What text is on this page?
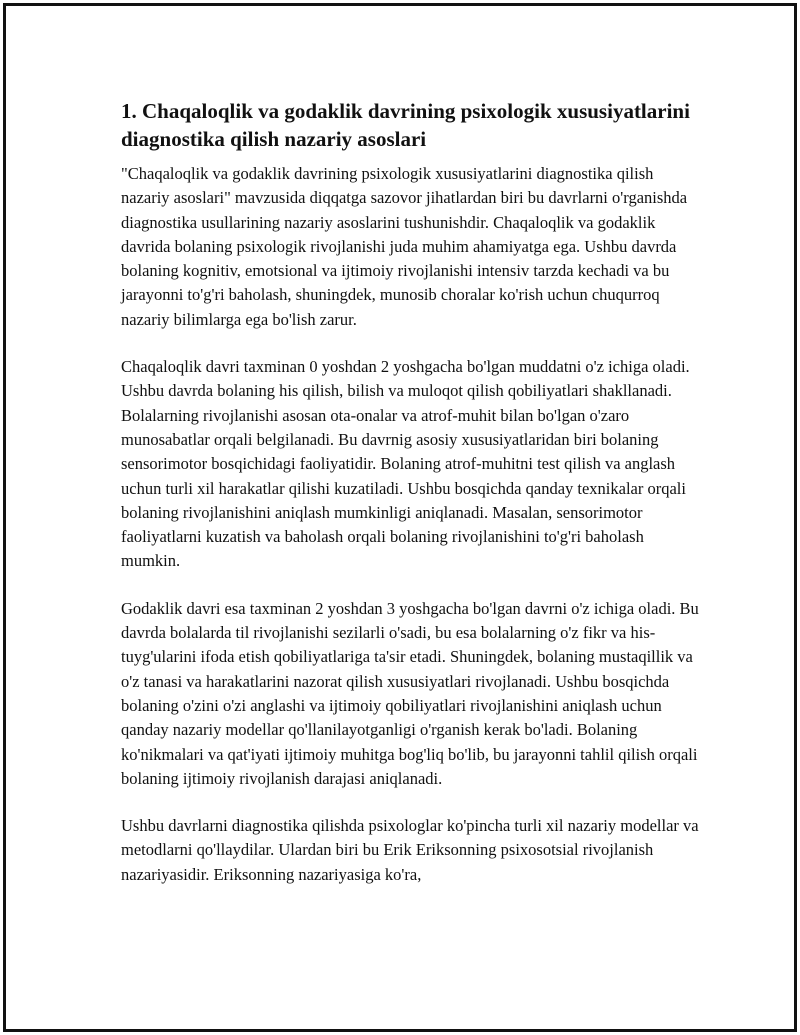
1. Chaqaloqlik va godaklik davrining psixologik xususiyatlarini diagnostika qilish nazariy asoslari

"Chaqaloqlik va godaklik davrining psixologik xususiyatlarini diagnostika qilish nazariy asoslari" mavzusida diqqatga sazovor jihatlardan biri bu davrlarni o'rganishda diagnostika usullarining nazariy asoslarini tushunishdir. Chaqaloqlik va godaklik davrida bolaning psixologik rivojlanishi juda muhim ahamiyatga ega. Ushbu davrda bolaning kognitiv, emotsional va ijtimoiy rivojlanishi intensiv tarzda kechadi va bu jarayonni to'g'ri baholash, shuningdek, munosib choralar ko'rish uchun chuqurroq nazariy bilimlarga ega bo'lish zarur.

Chaqaloqlik davri taxminan 0 yoshdan 2 yoshgacha bo'lgan muddatni o'z ichiga oladi. Ushbu davrda bolaning his qilish, bilish va muloqot qilish qobiliyatlari shakllanadi. Bolalarning rivojlanishi asosan ota-onalar va atrof-muhit bilan bo'lgan o'zaro munosabatlar orqali belgilanadi. Bu davrnig asosiy xususiyatlaridan biri bolaning sensorimotor bosqichidagi faoliyatidir. Bolaning atrof-muhitni test qilish va anglash uchun turli xil harakatlar qilishi kuzatiladi. Ushbu bosqichda qanday texnikalar orqali bolaning rivojlanishini aniqlash mumkinligi aniqlanadi. Masalan, sensorimotor faoliyatlarni kuzatish va baholash orqali bolaning rivojlanishini to'g'ri baholash mumkin.

Godaklik davri esa taxminan 2 yoshdan 3 yoshgacha bo'lgan davrni o'z ichiga oladi. Bu davrda bolalarda til rivojlanishi sezilarli o'sadi, bu esa bolalarning o'z fikr va his-tuyg'ularini ifoda etish qobiliyatlariga ta'sir etadi. Shuningdek, bolaning mustaqillik va o'z tanasi va harakatlarini nazorat qilish xususiyatlari rivojlanadi. Ushbu bosqichda bolaning o'zini o'zi anglashi va ijtimoiy qobiliyatlari rivojlanishini aniqlash uchun qanday nazariy modellar qo'llanilayotganligi o'rganish kerak bo'ladi. Bolaning ko'nikmalari va qat'iyati ijtimoiy muhitga bog'liq bo'lib, bu jarayonni tahlil qilish orqali bolaning ijtimoiy rivojlanish darajasi aniqlanadi.

Ushbu davrlarni diagnostika qilishda psixologlar ko'pincha turli xil nazariy modellar va metodlarni qo'llaydilar. Ulardan biri bu Erik Eriksonning psixosotsial rivojlanish nazariyasidir. Eriksonning nazariyasiga ko'ra,
